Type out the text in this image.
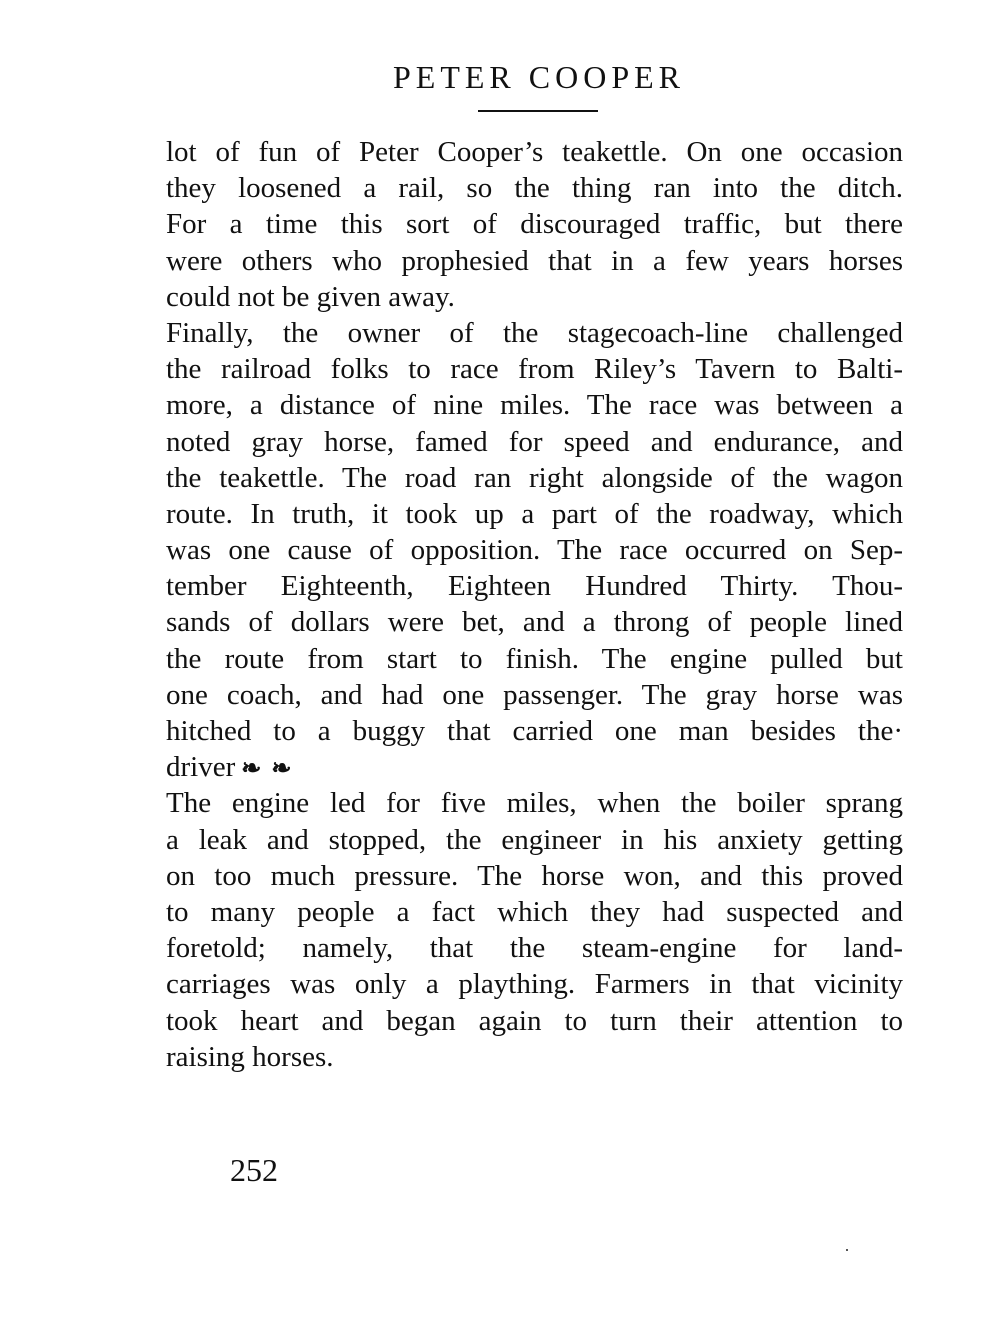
PETER COOPER
lot of fun of Peter Cooper’s teakettle. On one occasion
they loosened a rail, so the thing ran into the ditch.
For a time this sort of discouraged traffic, but there
were others who prophesied that in a few years horses
could not be given away.
Finally, the owner of the stagecoach-line challenged
the railroad folks to race from Riley’s Tavern to Balti-
more, a distance of nine miles. The race was between a
noted gray horse, famed for speed and endurance, and
the teakettle. The road ran right alongside of the wagon
route. In truth, it took up a part of the roadway, which
was one cause of opposition. The race occurred on Sep-
tember Eighteenth, Eighteen Hundred Thirty. Thou-
sands of dollars were bet, and a throng of people lined
the route from start to finish. The engine pulled but
one coach, and had one passenger. The gray horse was
hitched to a buggy that carried one man besides the·
driver ❧ ❧
The engine led for five miles, when the boiler sprang
a leak and stopped, the engineer in his anxiety getting
on too much pressure. The horse won, and this proved
to many people a fact which they had suspected and
foretold; namely, that the steam-engine for land-
carriages was only a plaything. Farmers in that vicinity
took heart and began again to turn their attention to
raising horses.
252
